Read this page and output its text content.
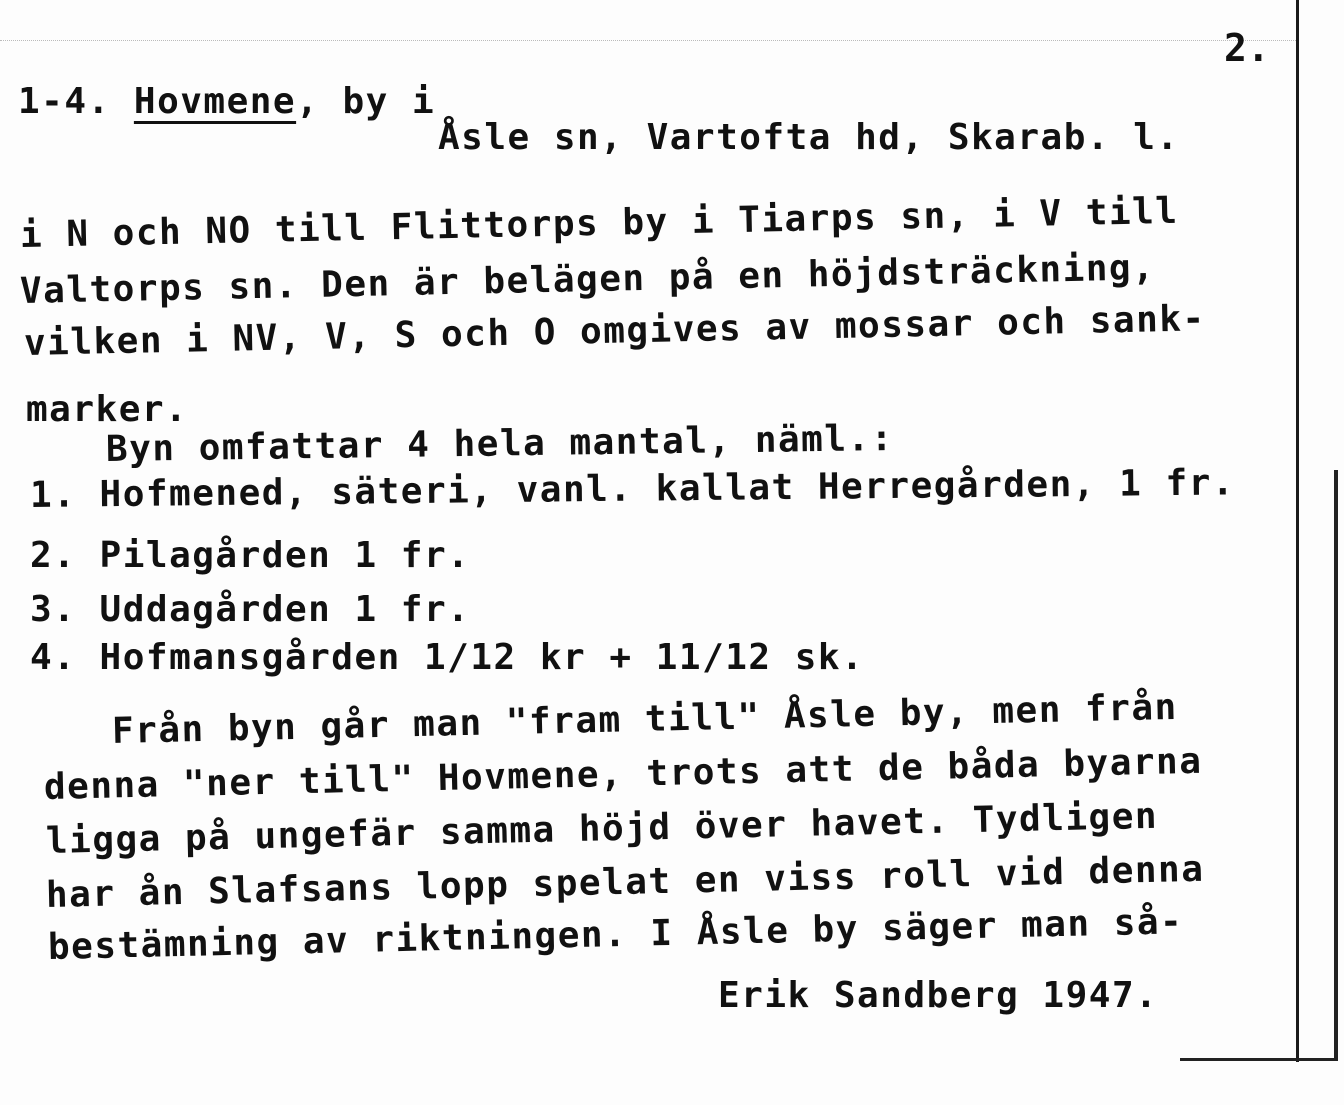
2.
1-4. Hovmene, by i
Åsle sn, Vartofta hd, Skarab. l.
i N och NO till Flittorps by i Tiarps sn, i V till
Valtorps sn. Den är belägen på en höjdsträckning,
vilken i NV, V, S och O omgives av mossar och sank-
marker.
Byn omfattar 4 hela mantal, näml.:
1. Hofmened, säteri, vanl. kallat Herregården, 1 fr.
2. Pilagården 1 fr.
3. Uddagården 1 fr.
4. Hofmansgården 1/12 kr + 11/12 sk.
Från byn går man "fram till" Åsle by, men från
denna "ner till" Hovmene, trots att de båda byarna
ligga på ungefär samma höjd över havet. Tydligen
har ån Slafsans lopp spelat en viss roll vid denna
bestämning av riktningen. I Åsle by säger man så-
Erik Sandberg 1947.
